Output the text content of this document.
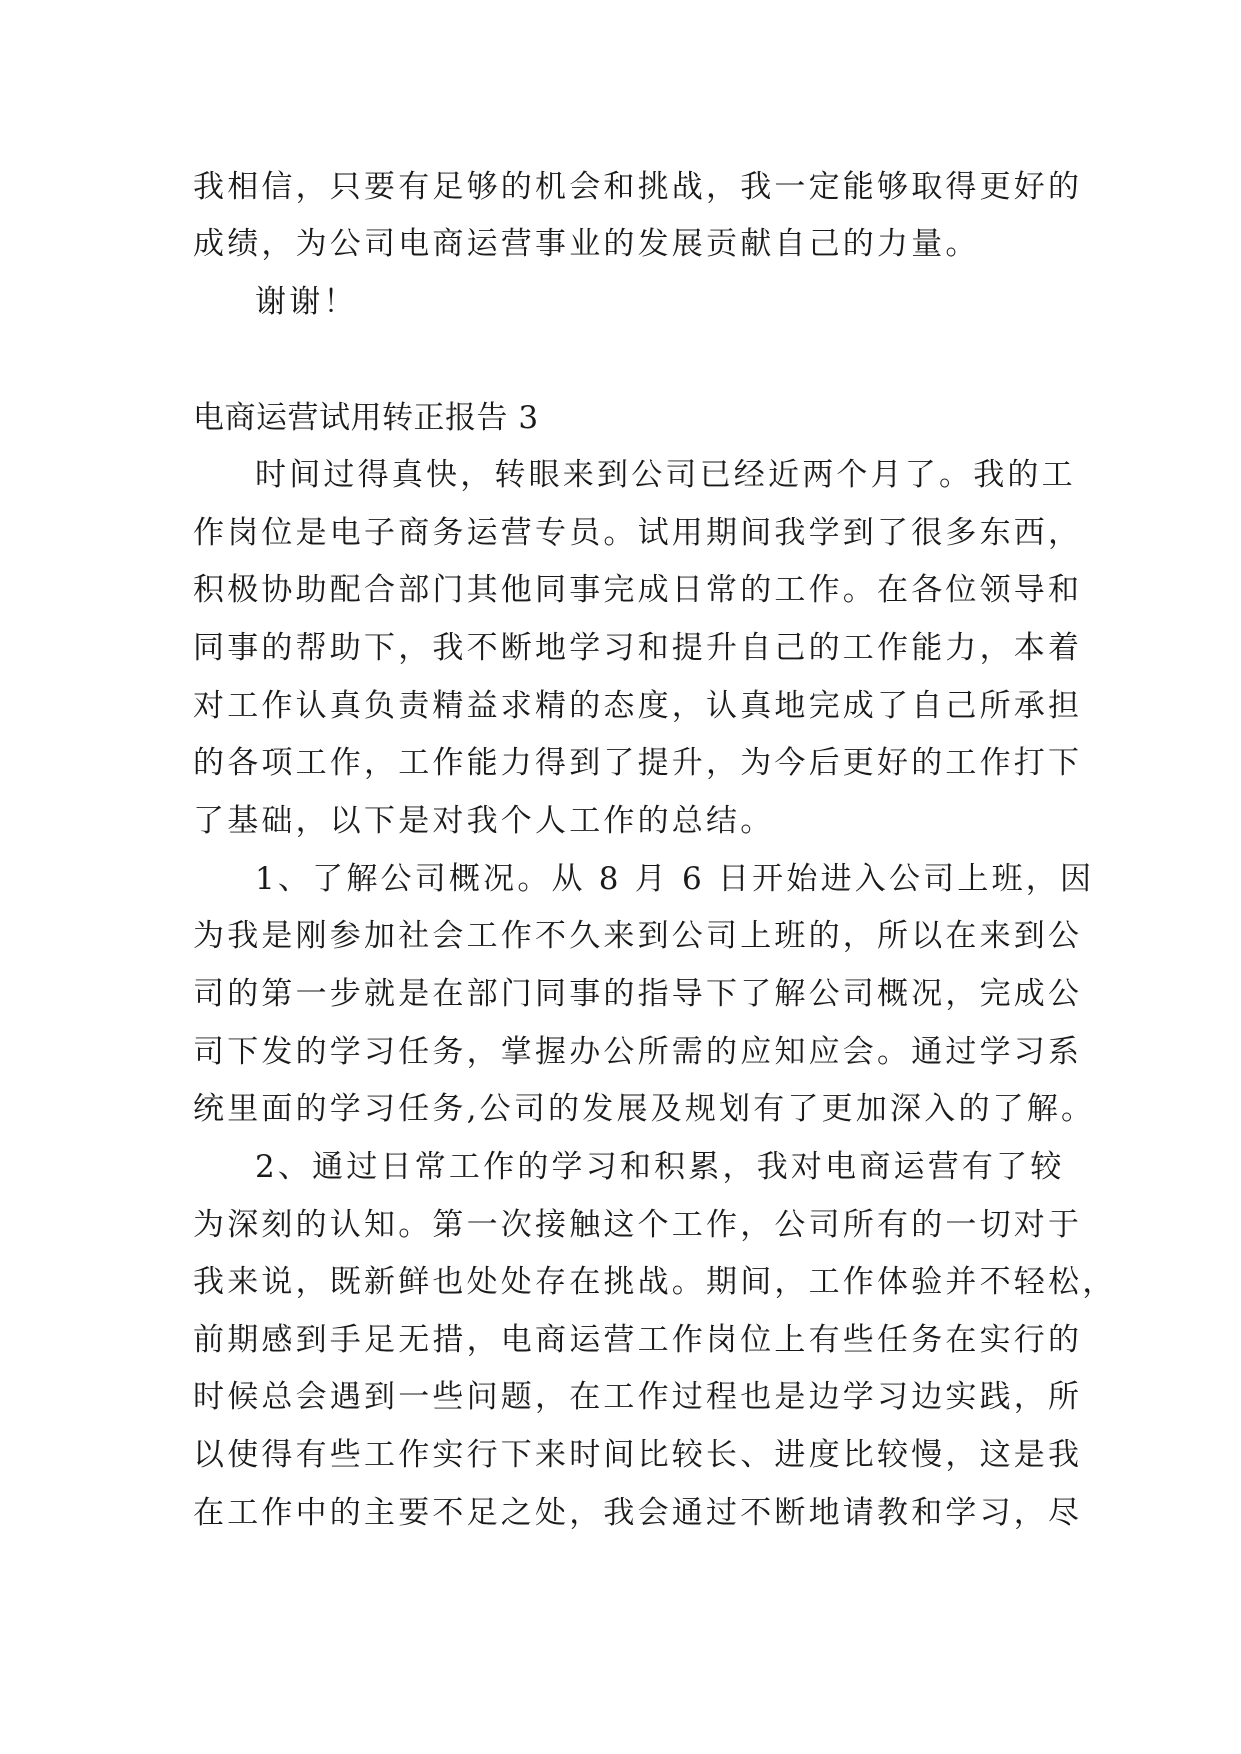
我相信，只要有足够的机会和挑战，我一定能够取得更好的
成绩，为公司电商运营事业的发展贡献自己的力量。
谢谢！
电商运营试用转正报告 3
时间过得真快，转眼来到公司已经近两个月了。我的工
作岗位是电子商务运营专员。试用期间我学到了很多东西，
积极协助配合部门其他同事完成日常的工作。在各位领导和
同事的帮助下，我不断地学习和提升自己的工作能力，本着
对工作认真负责精益求精的态度，认真地完成了自己所承担
的各项工作，工作能力得到了提升，为今后更好的工作打下
了基础，以下是对我个人工作的总结。
1、了解公司概况。从 8 月 6 日开始进入公司上班，因
为我是刚参加社会工作不久来到公司上班的，所以在来到公
司的第一步就是在部门同事的指导下了解公司概况，完成公
司下发的学习任务，掌握办公所需的应知应会。通过学习系
统里面的学习任务,公司的发展及规划有了更加深入的了解。
2、通过日常工作的学习和积累，我对电商运营有了较
为深刻的认知。第一次接触这个工作，公司所有的一切对于
我来说，既新鲜也处处存在挑战。期间，工作体验并不轻松，
前期感到手足无措，电商运营工作岗位上有些任务在实行的
时候总会遇到一些问题，在工作过程也是边学习边实践，所
以使得有些工作实行下来时间比较长、进度比较慢，这是我
在工作中的主要不足之处，我会通过不断地请教和学习，尽
